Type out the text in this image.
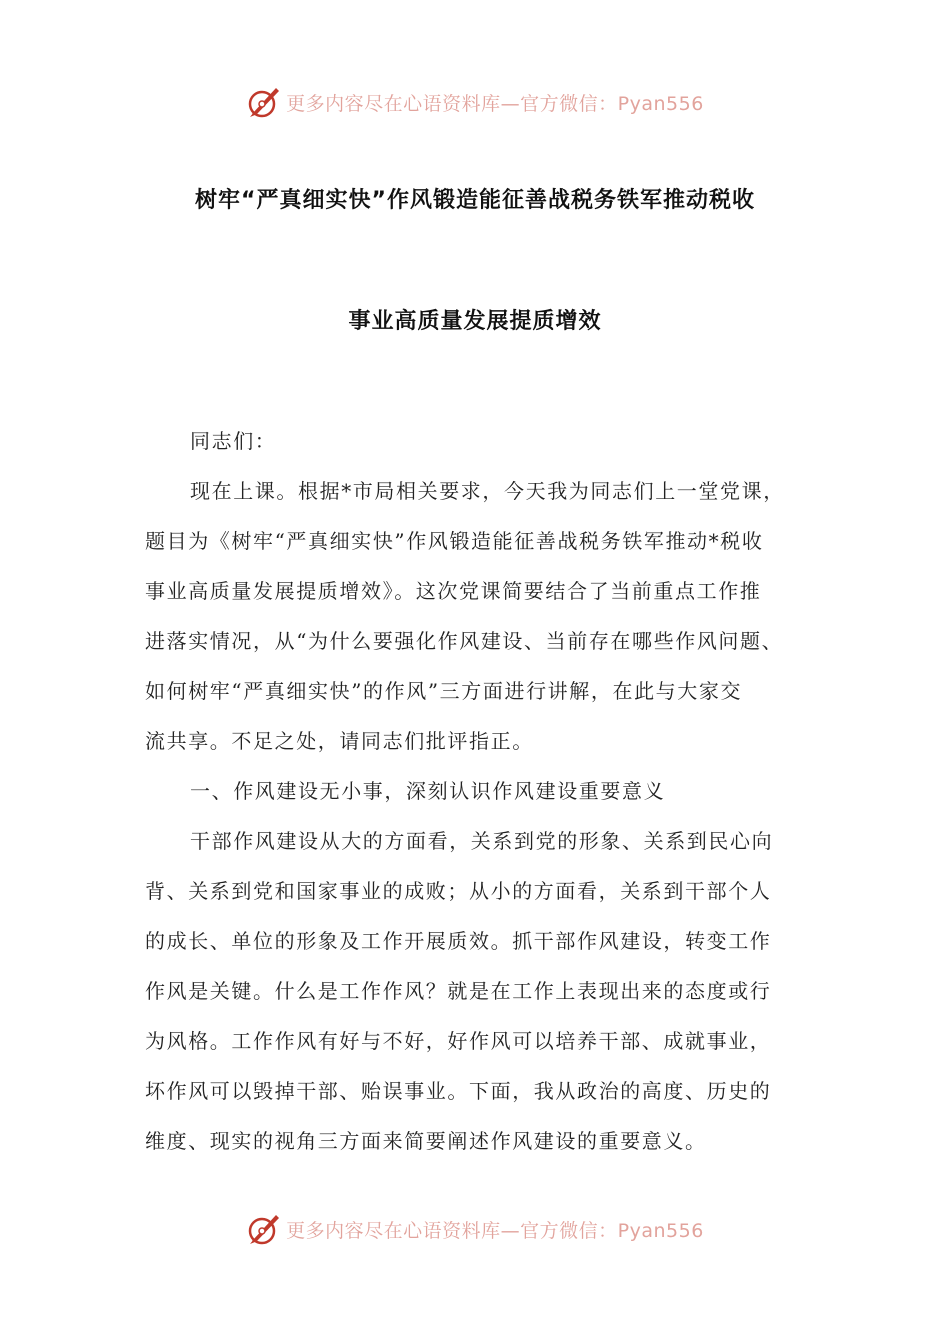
更多内容尽在心语资料库—官方微信：Pyan556
树牢“严真细实快”作风锻造能征善战税务铁军推动税收
事业高质量发展提质增效
同志们：
现在上课。根据*市局相关要求，今天我为同志们上一堂党课，
题目为《树牢“严真细实快”作风锻造能征善战税务铁军推动*税收
事业高质量发展提质增效》。这次党课简要结合了当前重点工作推
进落实情况，从“为什么要强化作风建设、当前存在哪些作风问题、
如何树牢“严真细实快”的作风”三方面进行讲解，在此与大家交
流共享。不足之处，请同志们批评指正。
一、作风建设无小事，深刻认识作风建设重要意义
干部作风建设从大的方面看，关系到党的形象、关系到民心向
背、关系到党和国家事业的成败；从小的方面看，关系到干部个人
的成长、单位的形象及工作开展质效。抓干部作风建设，转变工作
作风是关键。什么是工作作风？就是在工作上表现出来的态度或行
为风格。工作作风有好与不好，好作风可以培养干部、成就事业，
坏作风可以毁掉干部、贻误事业。下面，我从政治的高度、历史的
维度、现实的视角三方面来简要阐述作风建设的重要意义。
更多内容尽在心语资料库—官方微信：Pyan556
